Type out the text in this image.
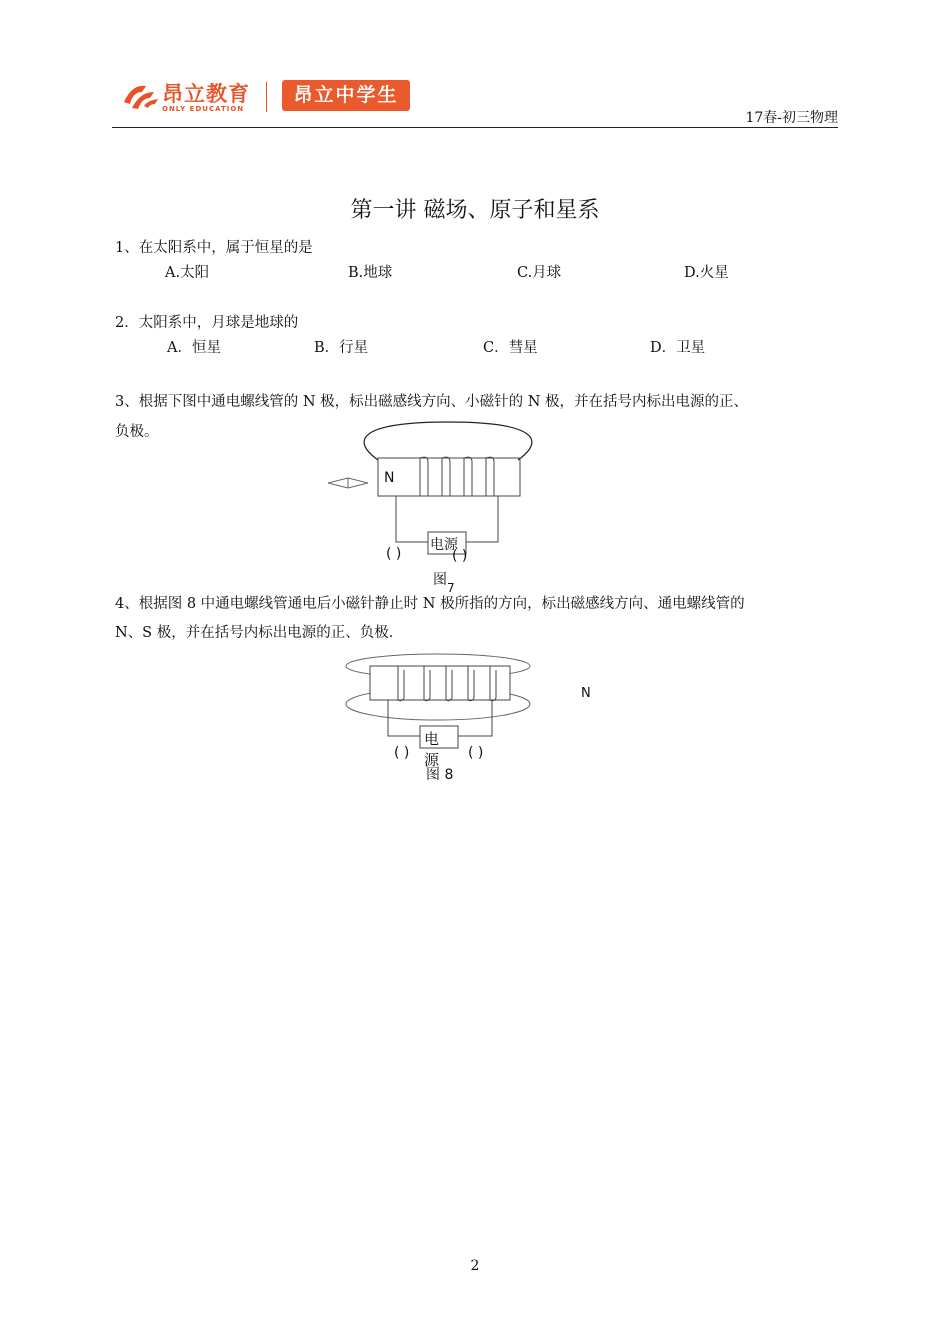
昂立教育
ONLY EDUCATION
昂立中学生
17春-初三物理
第一讲 磁场、原子和星系
1、在太阳系中，属于恒星的是
A.太阳	B.地球	C.月球	D.火星
2．太阳系中，月球是地球的
A．恒星	B．行星	C．彗星	D．卫星
3、根据下图中通电螺线管的 N 极，标出磁感线方向、小磁针的 N 极，并在括号内标出电源的正、
负极。
N
电源
( )	( )
图 7
4、根据图 8 中通电螺线管通电后小磁针静止时 N 极所指的方向，标出磁感线方向、通电螺线管的
N、S 极，并在括号内标出电源的正、负极．
N
电
源
( )	( )
图 8
2
